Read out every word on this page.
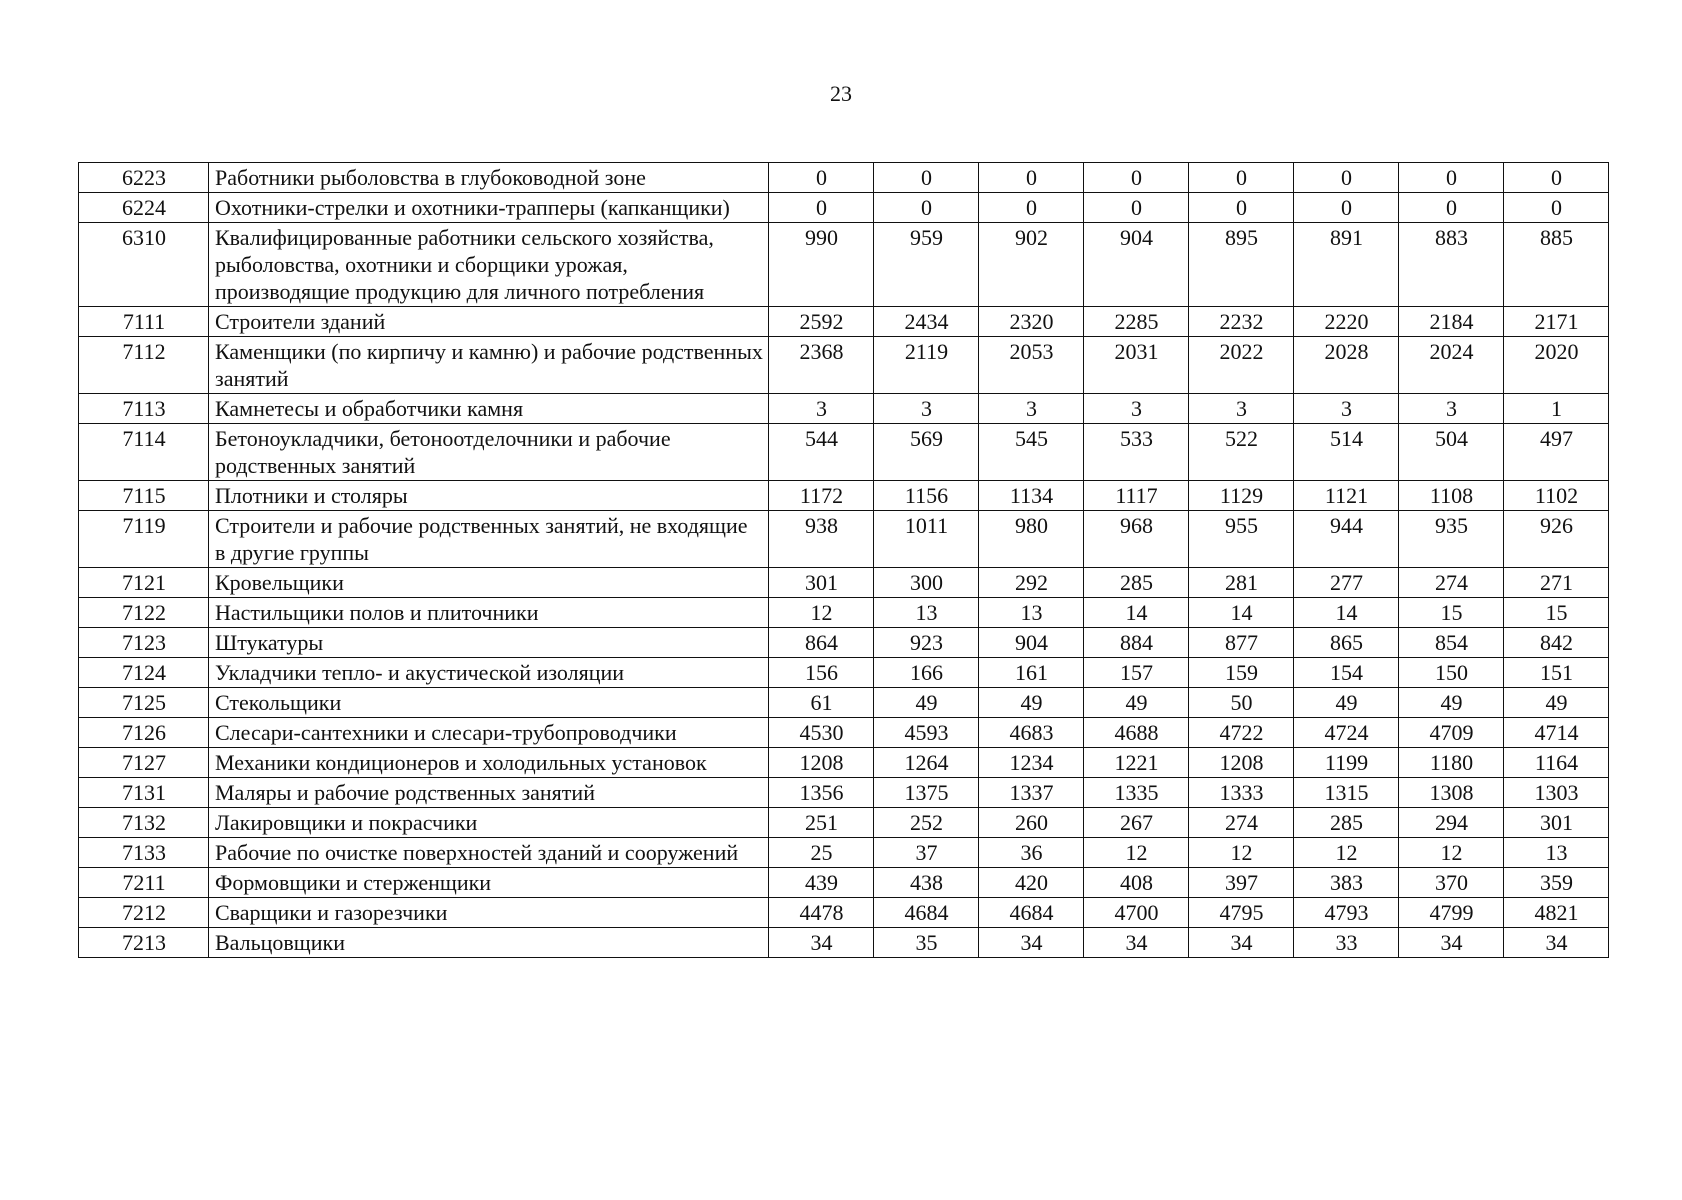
23
6223	Работники рыболовства в глубоководной зоне	0	0	0	0	0	0	0	0
6224	Охотники-стрелки и охотники-трапперы (капканщики)	0	0	0	0	0	0	0	0
6310	Квалифицированные работники сельского хозяйства, рыболовства, охотники и сборщики урожая, производящие продукцию для личного потребления	990	959	902	904	895	891	883	885
7111	Строители зданий	2592	2434	2320	2285	2232	2220	2184	2171
7112	Каменщики (по кирпичу и камню) и рабочие родственных занятий	2368	2119	2053	2031	2022	2028	2024	2020
7113	Камнетесы и обработчики камня	3	3	3	3	3	3	3	1
7114	Бетоноукладчики, бетоноотделочники и рабочие родственных занятий	544	569	545	533	522	514	504	497
7115	Плотники и столяры	1172	1156	1134	1117	1129	1121	1108	1102
7119	Строители и рабочие родственных занятий, не входящие в другие группы	938	1011	980	968	955	944	935	926
7121	Кровельщики	301	300	292	285	281	277	274	271
7122	Настильщики полов и плиточники	12	13	13	14	14	14	15	15
7123	Штукатуры	864	923	904	884	877	865	854	842
7124	Укладчики тепло- и акустической изоляции	156	166	161	157	159	154	150	151
7125	Стекольщики	61	49	49	49	50	49	49	49
7126	Слесари-сантехники и слесари-трубопроводчики	4530	4593	4683	4688	4722	4724	4709	4714
7127	Механики кондиционеров и холодильных установок	1208	1264	1234	1221	1208	1199	1180	1164
7131	Маляры и рабочие родственных занятий	1356	1375	1337	1335	1333	1315	1308	1303
7132	Лакировщики и покрасчики	251	252	260	267	274	285	294	301
7133	Рабочие по очистке поверхностей зданий и сооружений	25	37	36	12	12	12	12	13
7211	Формовщики и стерженщики	439	438	420	408	397	383	370	359
7212	Сварщики и газорезчики	4478	4684	4684	4700	4795	4793	4799	4821
7213	Вальцовщики	34	35	34	34	34	33	34	34
